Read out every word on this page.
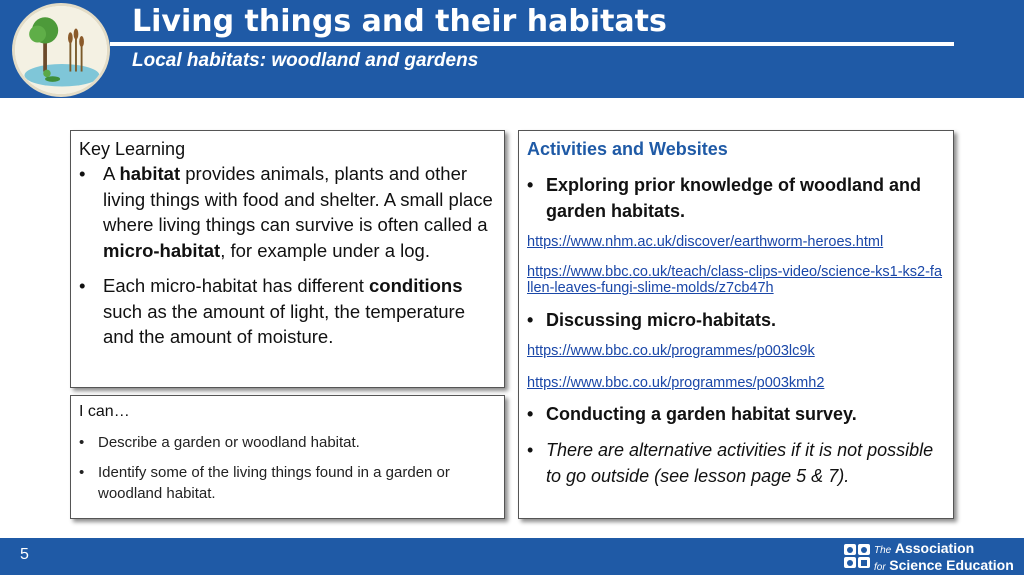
Living things and their habitats
Local habitats: woodland and gardens
Key Learning
• A habitat provides animals, plants and other living things with food and shelter. A small place where living things can survive is often called a micro-habitat, for example under a log.
• Each micro-habitat has different conditions such as the amount of light, the temperature and the amount of moisture.
I can…
• Describe a garden or woodland habitat.
• Identify some of the living things found in a garden or woodland habitat.
Activities and Websites
• Exploring prior knowledge of woodland and garden habitats.
https://www.nhm.ac.uk/discover/earthworm-heroes.html
https://www.bbc.co.uk/teach/class-clips-video/science-ks1-ks2-fallen-leaves-fungi-slime-molds/z7cb47h
• Discussing micro-habitats.
https://www.bbc.co.uk/programmes/p003lc9k
https://www.bbc.co.uk/programmes/p003kmh2
• Conducting a garden habitat survey.
• There are alternative activities if it is not possible to go outside (see lesson page 5 & 7).
5	The Association
for Science Education
